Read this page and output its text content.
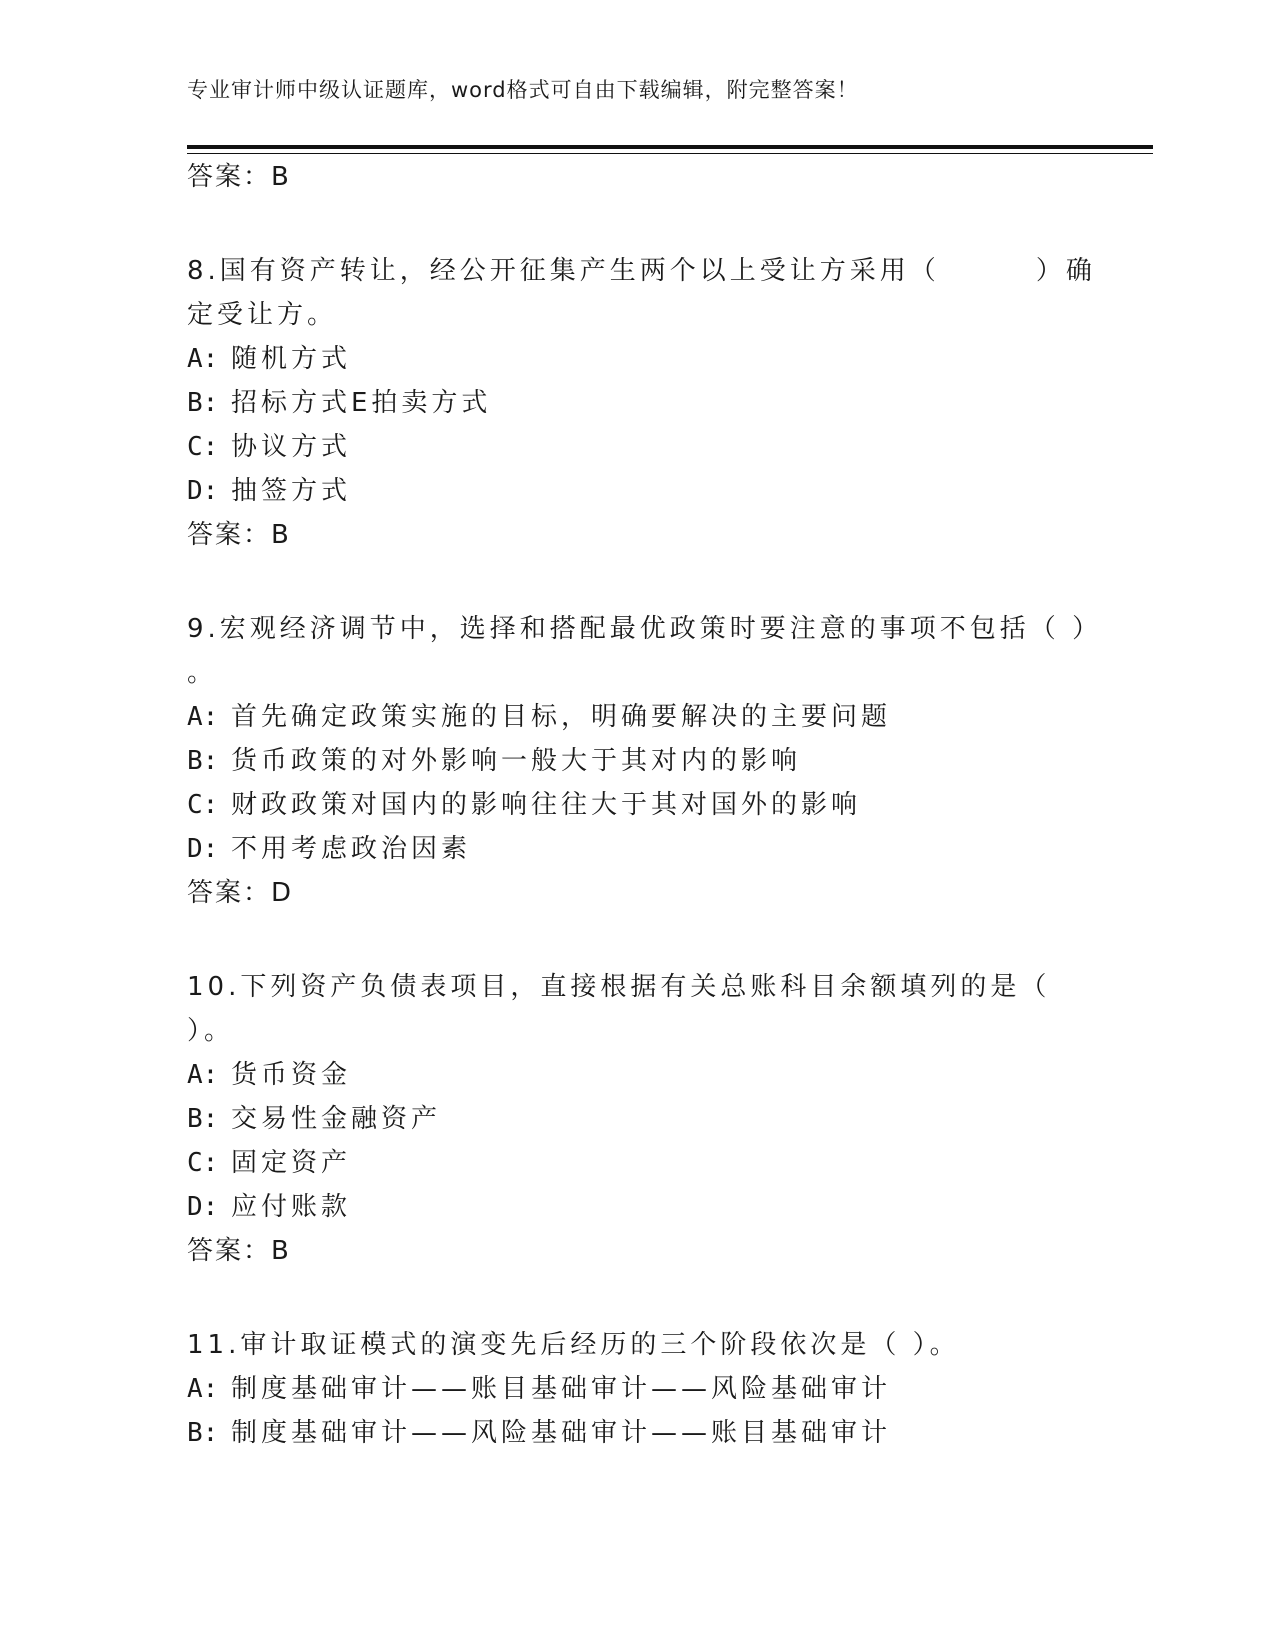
专业审计师中级认证题库，word格式可自由下载编辑，附完整答案！
答案：B
8.国有资产转让，经公开征集产生两个以上受让方采用（	）确
定受让方。
A: 随机方式
B: 招标方式E拍卖方式
C: 协议方式
D: 抽签方式
答案：B
9.宏观经济调节中，选择和搭配最优政策时要注意的事项不包括（ ）
。
A: 首先确定政策实施的目标，明确要解决的主要问题
B: 货币政策的对外影响一般大于其对内的影响
C: 财政政策对国内的影响往往大于其对国外的影响
D: 不用考虑政治因素
答案：D
10.下列资产负债表项目，直接根据有关总账科目余额填列的是（
）。
A: 货币资金
B: 交易性金融资产
C: 固定资产
D: 应付账款
答案：B
11.审计取证模式的演变先后经历的三个阶段依次是（ ）。
A: 制度基础审计——账目基础审计——风险基础审计
B: 制度基础审计——风险基础审计——账目基础审计
